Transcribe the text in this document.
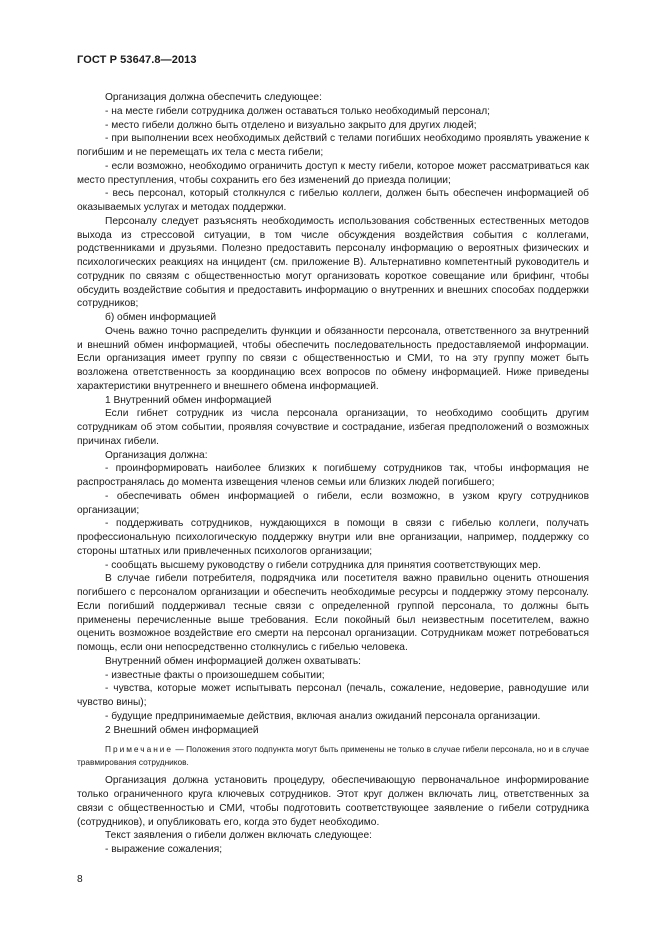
ГОСТ Р 53647.8—2013

Организация должна обеспечить следующее:

- на месте гибели сотрудника должен оставаться только необходимый персонал;

- место гибели должно быть отделено и визуально закрыто для других людей;

- при выполнении всех необходимых действий с телами погибших необходимо проявлять уважение к погибшим и не перемещать их тела с места гибели;

- если возможно, необходимо ограничить доступ к месту гибели, которое может рассматриваться как место преступления, чтобы сохранить его без изменений до приезда полиции;

- весь персонал, который столкнулся с гибелью коллеги, должен быть обеспечен информацией об оказываемых услугах и методах поддержки.

Персоналу следует разъяснять необходимость использования собственных естественных методов выхода из стрессовой ситуации, в том числе обсуждения воздействия события с коллегами, родственниками и друзьями. Полезно предоставить персоналу информацию о вероятных физических и психологических реакциях на инцидент (см. приложение В). Альтернативно компетентный руководитель и сотрудник по связям с общественностью могут организовать короткое совещание или брифинг, чтобы обсудить воздействие события и предоставить информацию о внутренних и внешних способах поддержки сотрудников;

б) обмен информацией

Очень важно точно распределить функции и обязанности персонала, ответственного за внутренний и внешний обмен информацией, чтобы обеспечить последовательность предоставляемой информации. Если организация имеет группу по связи с общественностью и СМИ, то на эту группу может быть возложена ответственность за координацию всех вопросов по обмену информацией. Ниже приведены характеристики внутреннего и внешнего обмена информацией.

1 Внутренний обмен информацией

Если гибнет сотрудник из числа персонала организации, то необходимо сообщить другим сотрудникам об этом событии, проявляя сочувствие и сострадание, избегая предположений о возможных причинах гибели.

Организация должна:

- проинформировать наиболее близких к погибшему сотрудников так, чтобы информация не распространялась до момента извещения членов семьи или близких людей погибшего;

- обеспечивать обмен информацией о гибели, если возможно, в узком кругу сотрудников организации;

- поддерживать сотрудников, нуждающихся в помощи в связи с гибелью коллеги, получать профессиональную психологическую поддержку внутри или вне организации, например, поддержку со стороны штатных или привлеченных психологов организации;

- сообщать высшему руководству о гибели сотрудника для принятия соответствующих мер.

В случае гибели потребителя, подрядчика или посетителя важно правильно оценить отношения погибшего с персоналом организации и обеспечить необходимые ресурсы и поддержку этому персоналу. Если погибший поддерживал тесные связи с определенной группой персонала, то должны быть применены перечисленные выше требования. Если покойный был неизвестным посетителем, важно оценить возможное воздействие его смерти на персонал организации. Сотрудникам может потребоваться помощь, если они непосредственно столкнулись с гибелью человека.

Внутренний обмен информацией должен охватывать:

- известные факты о произошедшем событии;

- чувства, которые может испытывать персонал (печаль, сожаление, недоверие, равнодушие или чувство вины);

- будущие предпринимаемые действия, включая анализ ожиданий персонала организации.

2 Внешний обмен информацией

Примечание — Положения этого подпункта могут быть применены не только в случае гибели персонала, но и в случае травмирования сотрудников.

Организация должна установить процедуру, обеспечивающую первоначальное информирование только ограниченного круга ключевых сотрудников. Этот круг должен включать лиц, ответственных за связи с общественностью и СМИ, чтобы подготовить соответствующее заявление о гибели сотрудника (сотрудников), и опубликовать его, когда это будет необходимо.

Текст заявления о гибели должен включать следующее:

- выражение сожаления;

8
